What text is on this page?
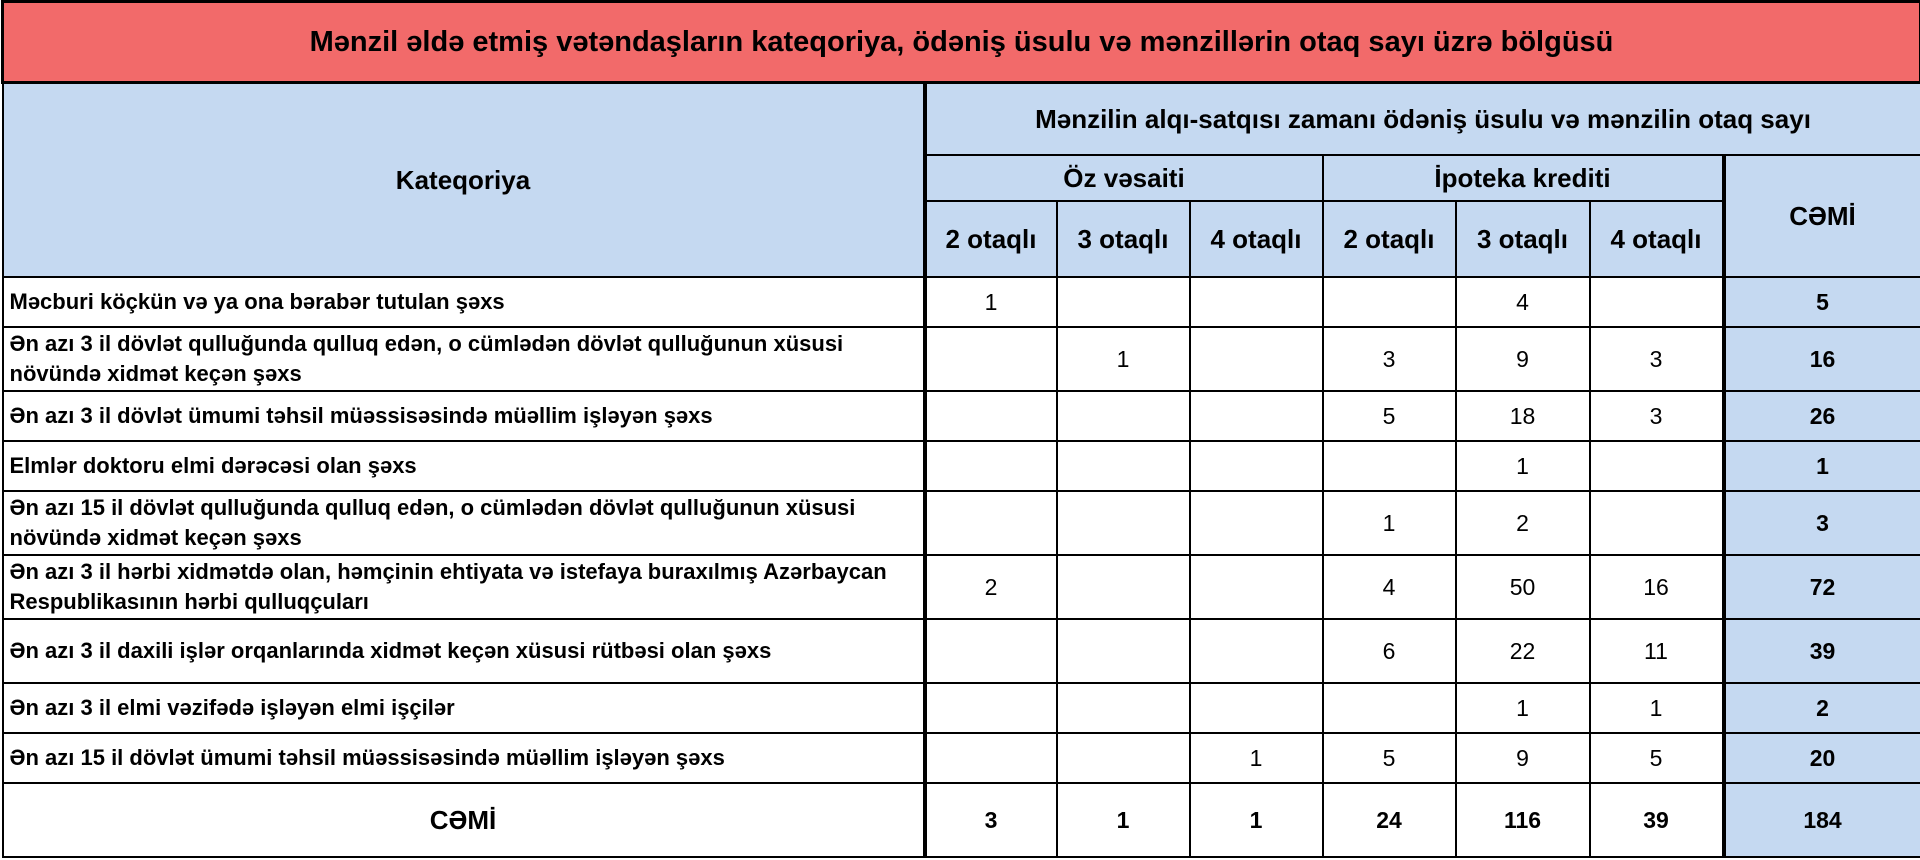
Mənzil əldə etmiş vətəndaşların kateqoriya, ödəniş üsulu və mənzillərin otaq sayı üzrə bölgüsü							
Kateqoriya	Mənzilin alqı-satqısı zamanı ödəniş üsulu və mənzilin otaq sayı						
	Öz vəsaiti			İpoteka krediti			CƏMİ
	2 otaqlı	3 otaqlı	4 otaqlı	2 otaqlı	3 otaqlı	4 otaqlı	
Məcburi köçkün və ya ona bərabər tutulan şəxs	1				4		5
Ən azı 3 il dövlət qulluğunda qulluq edən, o cümlədən dövlət qulluğunun xüsusi növündə xidmət keçən şəxs		1		3	9	3	16
Ən azı 3 il dövlət ümumi təhsil müəssisəsində müəllim işləyən şəxs				5	18	3	26
Elmlər doktoru elmi dərəcəsi olan şəxs					1		1
Ən azı 15 il dövlət qulluğunda qulluq edən, o cümlədən dövlət qulluğunun xüsusi növündə xidmət keçən şəxs				1	2		3
Ən azı 3 il hərbi xidmətdə olan, həmçinin ehtiyata və istefaya buraxılmış Azərbaycan Respublikasının hərbi qulluqçuları	2			4	50	16	72
Ən azı 3 il daxili işlər orqanlarında xidmət keçən xüsusi rütbəsi olan şəxs				6	22	11	39
Ən azı 3 il elmi vəzifədə işləyən elmi işçilər					1	1	2
Ən azı 15 il dövlət ümumi təhsil müəssisəsində müəllim işləyən şəxs			1	5	9	5	20
CƏMİ	3	1	1	24	116	39	184
